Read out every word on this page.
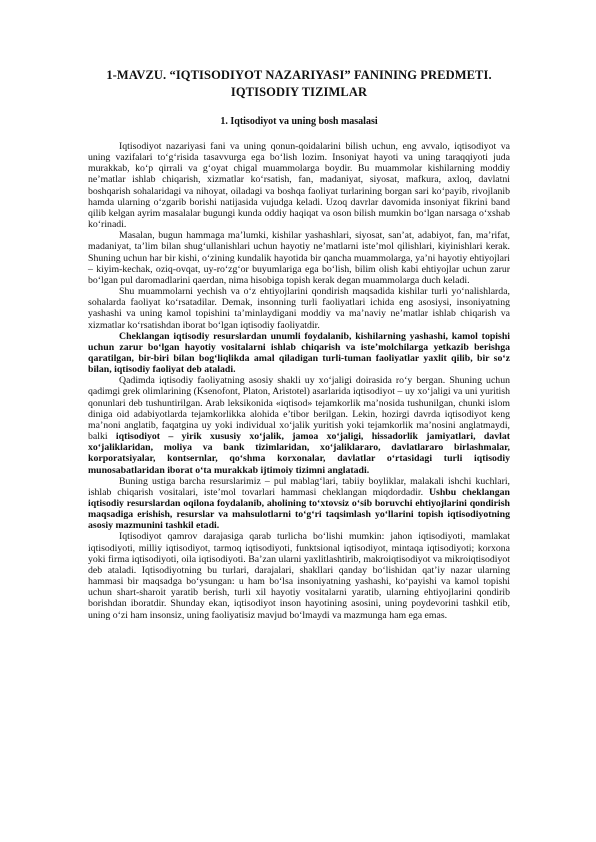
1-MAVZU. “IQTISODIYOT NAZARIYASI” FANINING PREDMETI.
IQTISODIY TIZIMLAR
1. Iqtisodiyot va uning bosh masalasi

Iqtisodiyot nazariyasi fani va uning qonun-qoidalarini bilish uchun, eng avvalo, iqtisodiyot va uning vazifalari to‘g‘risida tasavvurga ega bo‘lish lozim. Insoniyat hayoti va uning taraqqiyoti juda murakkab, ko‘p qirrali va g‘oyat chigal muammolarga boydir. Bu muammolar kishilarning moddiy ne’matlar ishlab chiqarish, xizmatlar ko‘rsatish, fan, madaniyat, siyosat, mafkura, axloq, davlatni boshqarish sohalaridagi va nihoyat, oiladagi va boshqa faoliyat turlarining borgan sari ko‘payib, rivojlanib hamda ularning o‘zgarib borishi natijasida vujudga keladi. Uzoq davrlar davomida insoniyat fikrini band qilib kelgan ayrim masalalar bugungi kunda oddiy haqiqat va oson bilish mumkin bo‘lgan narsaga o‘xshab ko‘rinadi.

Masalan, bugun hammaga ma’lumki, kishilar yashashlari, siyosat, san’at, adabiyot, fan, ma’rifat, madaniyat, ta’lim bilan shug‘ullanishlari uchun hayotiy ne’matlarni iste’mol qilishlari, kiyinishlari kerak. Shuning uchun har bir kishi, o‘zining kundalik hayotida bir qancha muammolarga, ya’ni hayotiy ehtiyojlari – kiyim-kechak, oziq-ovqat, uy-ro‘zg‘or buyumlariga ega bo‘lish, bilim olish kabi ehtiyojlar uchun zarur bo‘lgan pul daromadlarini qaerdan, nima hisobiga topish kerak degan muammolarga duch keladi.

Shu muammolarni yechish va o‘z ehtiyojlarini qondirish maqsadida kishilar turli yo‘nalishlarda, sohalarda faoliyat ko‘rsatadilar. Demak, insonning turli faoliyatlari ichida eng asosiysi, insoniyatning yashashi va uning kamol topishini ta’minlaydigani moddiy va ma’naviy ne’matlar ishlab chiqarish va xizmatlar ko‘rsatishdan iborat bo‘lgan iqtisodiy faoliyatdir.

Cheklangan iqtisodiy resurslardan unumli foydalanib, kishilarning yashashi, kamol topishi uchun zarur bo‘lgan hayotiy vositalarni ishlab chiqarish va iste’molchilarga yetkazib berishga qaratilgan, bir-biri bilan bog‘liqlikda amal qiladigan turli-tuman faoliyatlar yaxlit qilib, bir so‘z bilan, iqtisodiy faoliyat deb ataladi.

Qadimda iqtisodiy faoliyatning asosiy shakli uy xo‘jaligi doirasida ro‘y bergan. Shuning uchun qadimgi grek olimlarining (Ksenofont, Platon, Aristotel) asarlarida iqtisodiyot – uy xo‘jaligi va uni yuritish qonunlari deb tushuntirilgan. Arab leksikonida «iqtisod» tejamkorlik ma’nosida tushunilgan, chunki islom diniga oid adabiyotlarda tejamkorlikka alohida e’tibor berilgan. Lekin, hozirgi davrda iqtisodiyot keng ma’noni anglatib, faqatgina uy yoki individual xo‘jalik yuritish yoki tejamkorlik ma’nosini anglatmaydi, balki iqtisodiyot – yirik xususiy xo‘jalik, jamoa xo‘jaligi, hissadorlik jamiyatlari, davlat xo‘jaliklaridan, moliya va bank tizimlaridan, xo‘jaliklararo, davlatlararo birlashmalar, korporatsiyalar, kontsernlar, qo‘shma korxonalar, davlatlar o‘rtasidagi turli iqtisodiy munosabatlaridan iborat o‘ta murakkab ijtimoiy tizimni anglatadi.

Buning ustiga barcha resurslarimiz – pul mablag‘lari, tabiiy boyliklar, malakali ishchi kuchlari, ishlab chiqarish vositalari, iste’mol tovarlari hammasi cheklangan miqdordadir. Ushbu cheklangan iqtisodiy resurslardan oqilona foydalanib, aholining to‘xtovsiz o‘sib boruvchi ehtiyojlarini qondirish maqsadiga erishish, resurslar va mahsulotlarni to‘g‘ri taqsimlash yo‘llarini topish iqtisodiyotning asosiy mazmunini tashkil etadi.

Iqtisodiyot qamrov darajasiga qarab turlicha bo‘lishi mumkin: jahon iqtisodiyoti, mamlakat iqtisodiyoti, milliy iqtisodiyot, tarmoq iqtisodiyoti, funktsional iqtisodiyot, mintaqa iqtisodiyoti; korxona yoki firma iqtisodiyoti, oila iqtisodiyoti. Ba’zan ularni yaxlitlashtirib, makroiqtisodiyot va mikroiqtisodiyot deb ataladi. Iqtisodiyotning bu turlari, darajalari, shakllari qanday bo‘lishidan qat’iy nazar ularning hammasi bir maqsadga bo‘ysungan: u ham bo‘lsa insoniyatning yashashi, ko‘payishi va kamol topishi uchun shart-sharoit yaratib berish, turli xil hayotiy vositalarni yaratib, ularning ehtiyojlarini qondirib borishdan iboratdir. Shunday ekan, iqtisodiyot inson hayotining asosini, uning poydevorini tashkil etib, uning o‘zi ham insonsiz, uning faoliyatisiz mavjud bo‘lmaydi va mazmunga ham ega emas.
